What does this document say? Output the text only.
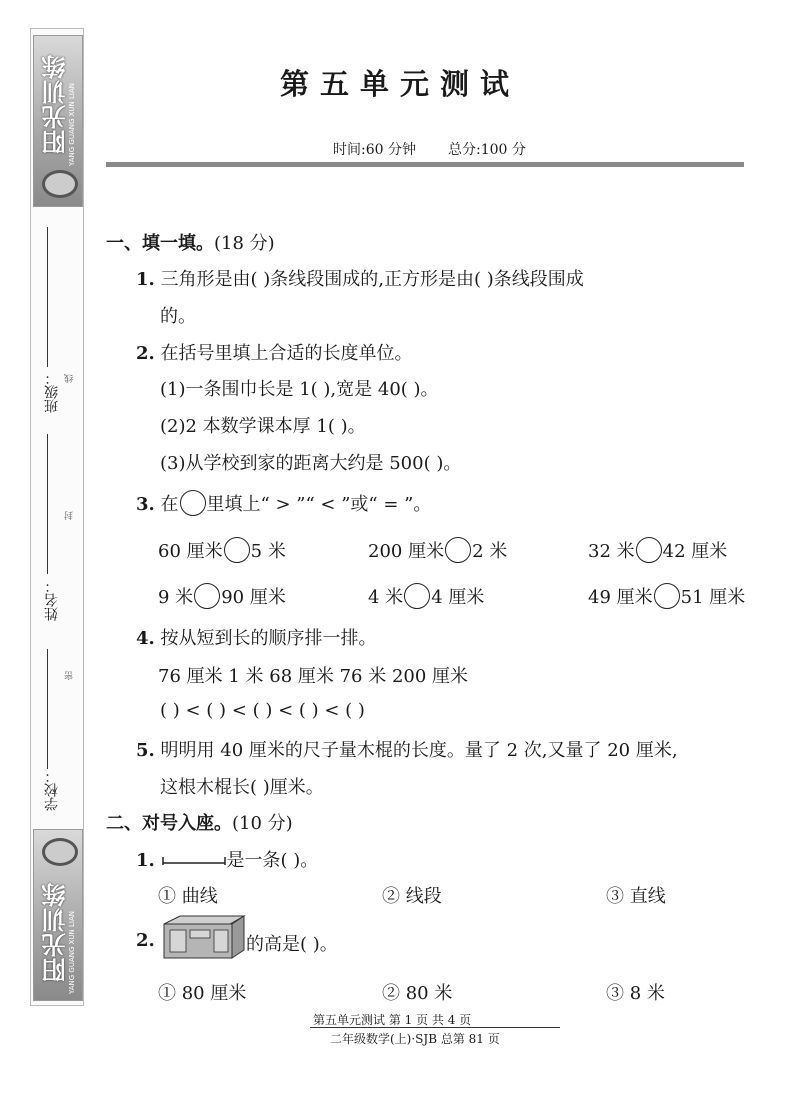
阳光训练
YANG GUANG XUN LIAN
班级： 线
姓名：
封
学校：
密
阳光训练
YANG GUANG XUN LIAN
第五单元测试
时间:60 分钟 总分:100 分
一、填一填。(18 分)
1. 三角形是由( )条线段围成的,正方形是由( )条线段围成
的。
2. 在括号里填上合适的长度单位。
(1)一条围巾长是 1( ),宽是 40( )。
(2)2 本数学课本厚 1( )。
(3)从学校到家的距离大约是 500( )。
3. 在 里填上“ > ”“ < ”或“ = ”。
60 厘米 5 米	200 厘米 2 米	32 米 42 厘米
9 米 90 厘米	4 米 4 厘米	49 厘米 51 厘米
4. 按从短到长的顺序排一排。
76 厘米 1 米 68 厘米 76 米 200 厘米
( ) < ( ) < ( ) < ( ) < ( )
5. 明明用 40 厘米的尺子量木棍的长度。量了 2 次,又量了 20 厘米,
这根木棍长( )厘米。
二、对号入座。(10 分)
1.	是一条( )。
① 曲线	② 线段	③ 直线
2.	的高是( )。
① 80 厘米	② 80 米	③ 8 米
第五单元测试 第 1 页 共 4 页
二年级数学(上)·SJB 总第 81 页
